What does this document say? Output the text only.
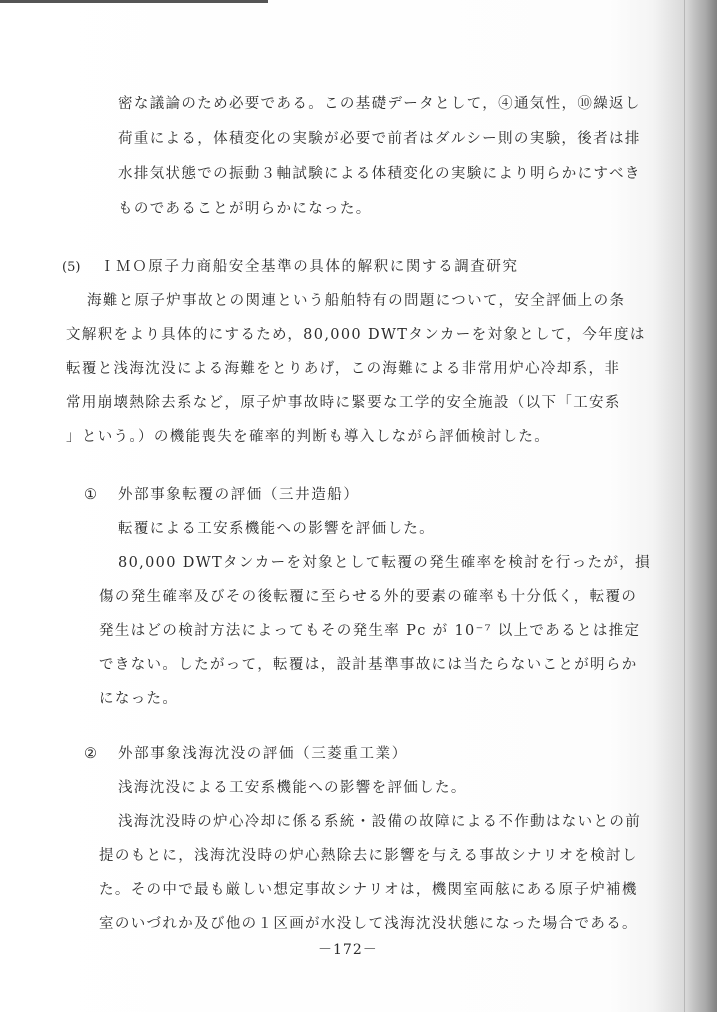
密な議論のため必要である。この基礎データとして，④通気性，⑩繰返し
荷重による，体積変化の実験が必要で前者はダルシー則の実験，後者は排
水排気状態での振動３軸試験による体積変化の実験により明らかにすべき
ものであることが明らかになった。
(5) ＩＭＯ原子力商船安全基準の具体的解釈に関する調査研究
海難と原子炉事故との関連という船舶特有の問題について，安全評価上の条
文解釈をより具体的にするため，80,000 DWTタンカーを対象として，今年度は
転覆と浅海沈没による海難をとりあげ，この海難による非常用炉心冷却系，非
常用崩壊熱除去系など，原子炉事故時に緊要な工学的安全施設（以下「工安系
」という。）の機能喪失を確率的判断も導入しながら評価検討した。
① 外部事象転覆の評価（三井造船）
転覆による工安系機能への影響を評価した。
80,000 DWTタンカーを対象として転覆の発生確率を検討を行ったが，損
傷の発生確率及びその後転覆に至らせる外的要素の確率も十分低く，転覆の
発生はどの検討方法によってもその発生率 Pc が 10⁻⁷ 以上であるとは推定
できない。したがって，転覆は，設計基準事故には当たらないことが明らか
になった。
② 外部事象浅海沈没の評価（三菱重工業）
浅海沈没による工安系機能への影響を評価した。
浅海沈没時の炉心冷却に係る系統・設備の故障による不作動はないとの前
提のもとに，浅海沈没時の炉心熱除去に影響を与える事故シナリオを検討し
た。その中で最も厳しい想定事故シナリオは，機関室両舷にある原子炉補機
室のいづれか及び他の１区画が水没して浅海沈没状態になった場合である。
－172－
